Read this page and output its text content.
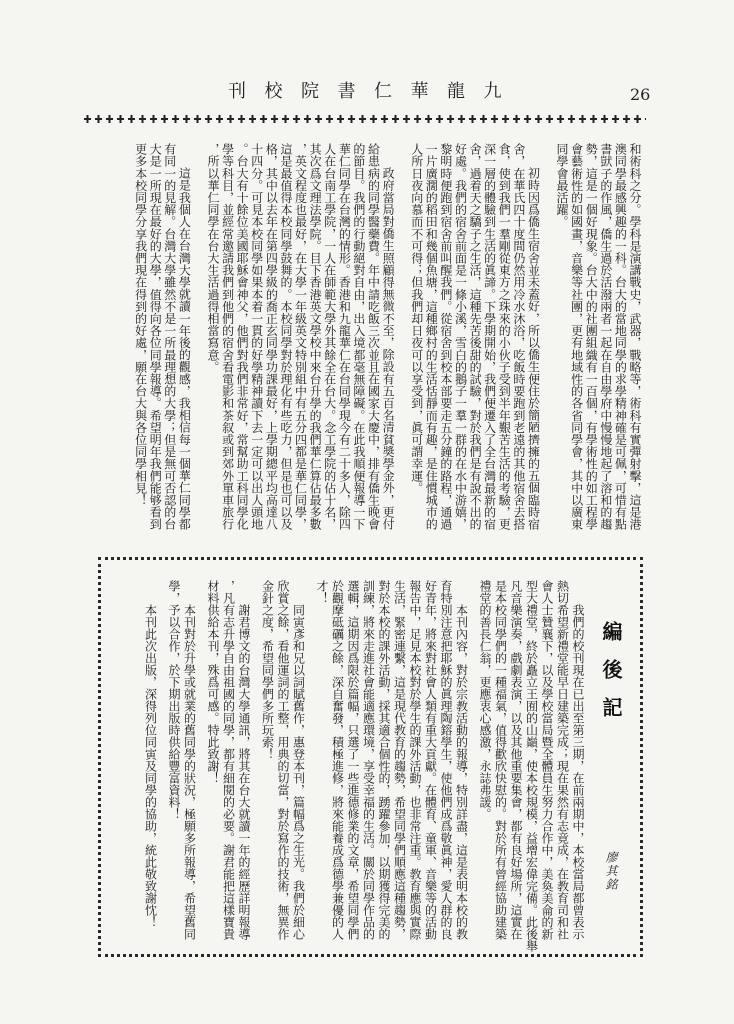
九龍華仁書院校刊	26
和術科之分。學科是演講戰史，武器，戰略等，術科有實彈射擊，這是港
澳同學最感興趣的一科。台大的當地同學的求學精神確是可佩，可惜有點
書獃子的作風，僑生過於活潑兩者一起在自由學府中慢慢地起了溶和的趨
勢，這是一個好現象。台大中的社團組織有一百個，有學術性的如工程學
會藝術性的如國畫，音樂等社團，更有地域性的各省同學會，其中以廣東
同學會最活躍。
初時因爲僑生宿舍並未蓋好，所以僑生便住於簡陋擠擁的五個臨時宿
舍，在華氏四十度間仍然用冷水沐浴，吃飯時要跑到老遠的其他宿舍去搭
食，使到我們一羣剛從東方之珠來的小伙子受到半年艱苦生活的考驗，更
深一層的體驗到生活的眞諦。下學期開始，我們便遷入了全台灣最新的宿
舍，過着天之驕子之生活，這種先苦後甜的試驗，對於我們是有說不出的
好處。我們的宿舍前面是一條小溪，雪白的鵝子一羣一群的在水中游嬉，
黎明時便跑到宿舍前叫醒我們。從宿舍到校本部要走五分鐘的路程，通過
一片廣濶的稻田和幾個魚塘，這種鄉村的生活恬靜而有趣，是住慣城市的
人所日夜向慕而不可得；但我們却日夜可以享受到，眞可謂幸運。
政府當局對僑生照顧得無微不至，除設有五百名清貧奬學金外，更付
給患病的同學醫藥費。年中請吃飯三次並且在國家大慶中，排有僑生晚會
的節目。我們的行動絕對自由，出入境都毫無障礙。在此我順便報導一下
華仁同學在台灣的情形。香港和九龍華仁在台同學現今有二十多人，除四
人在台南工學院，一人在師範大學外其餘全在台大。念工學院的佔十名，
其次爲文理法學院。目下香港英文學校中來台升學的我們華仁算佔最多數
，英文程度也最好，在大學一年級英文特別組中有五分四都是華仁同學，
這是最值得本校同學鼓舞的。本校同學對於理化有些吃力，但是也可以及
格，其中以去年在第四學級的喬正玄同學功課最好，上學期總平均高達八
十四分。可見本校同學如果本着一貫的好學精神讀下去一定可以出人頭地
。台大有十餘位美國耶穌會神父，他們對我們非常好，常幫助工科同學化
學等科目，並經常邀請我們到他們的宿舍看電影和茶叙或到郊外單車旅行
，所以華仁同學在台大生活過得相當寫意。
這是我個人在台灣大學就讀一年後的觀感，我相信每一個華仁同學都
有同一的見解。台灣大學雖然不是一所最理想的大學；但是無可否認的台
大是一所現在最好的大學，值得向各位同學報導。希望明年我們能够看到
更多本校同學分享我們現在得到的好處，願在台大與各位同學相見！
編後記
廖其銘
我們的校刊現在已出至第三期，在前兩期中，本校當局都曾表示
熱切希望新禮堂能早日建築完成；現在果然有志竟成，在教育司和社
會人士贊襄下，以及學校當局暨全體員生努力合作中，美奐美侖的新
型大禮堂，終於矗立王囿的山巔，使本校規模，益增宏偉完備。此後舉
凡音樂演奏，戲劇表演，以及其他重要集會，都有良好場所，這實在
是本校同學們的一種福氣，值得歡欣快慰的。對於所有曾經協助建築
禮堂的善長仁翁，更應衷心感激，永誌弗諼。
本刊內容，對於宗教活動的報導，特別詳盡，這是表明本校的教
育特別注意把耶穌的眞理陶鎔學生，使他們成爲敬眞神，愛人群的良
好青年，將來對社會人類有重大貢獻。在體育、童軍、音樂等的活動
報告中，足見本校對於學生的課外活動，也非常注重。教育應與實際
生活，緊密連繫，這是現代教育的趨勢，希望同學們順應這種趨勢，
對於本校的課外活動，採其適合個性的，踴躍參加，以期獲得完美的
訓練，將來走進社會能適應環境，享受幸福的生活。關於同學作品的
選輯，這期因爲限於篇幅，只選了一些進德修業的文章，希望同學們
於觀摩砥礪之餘，深自奮發，積極進修，將來能養成爲德學兼優的人
才！
同寅彥和兄以詞賦舊作，惠登本刊，篇幅爲之生光。我們於細心
欣賞之餘，看他運詞的工整，用典的切當，對於寫作的技術，無異作
金針之度，希望同學們多所玩索！
謝君博文的台灣大學通訊，將其在台大就讀一年的經歷詳明報導
，凡有志升學自由祖國的同學，都有細閱的必要。謝君能把這樣寶貴
材料供給本刊，殊爲可感。特此致謝！
本刊對於升學或就業的舊同學的狀況，極願多所報導，希望舊同
學，予以合作，於下期出版時供給豐富資料！
本刊此次出版，深得列位同寅及同學的協助，統此敬致謝忱！
